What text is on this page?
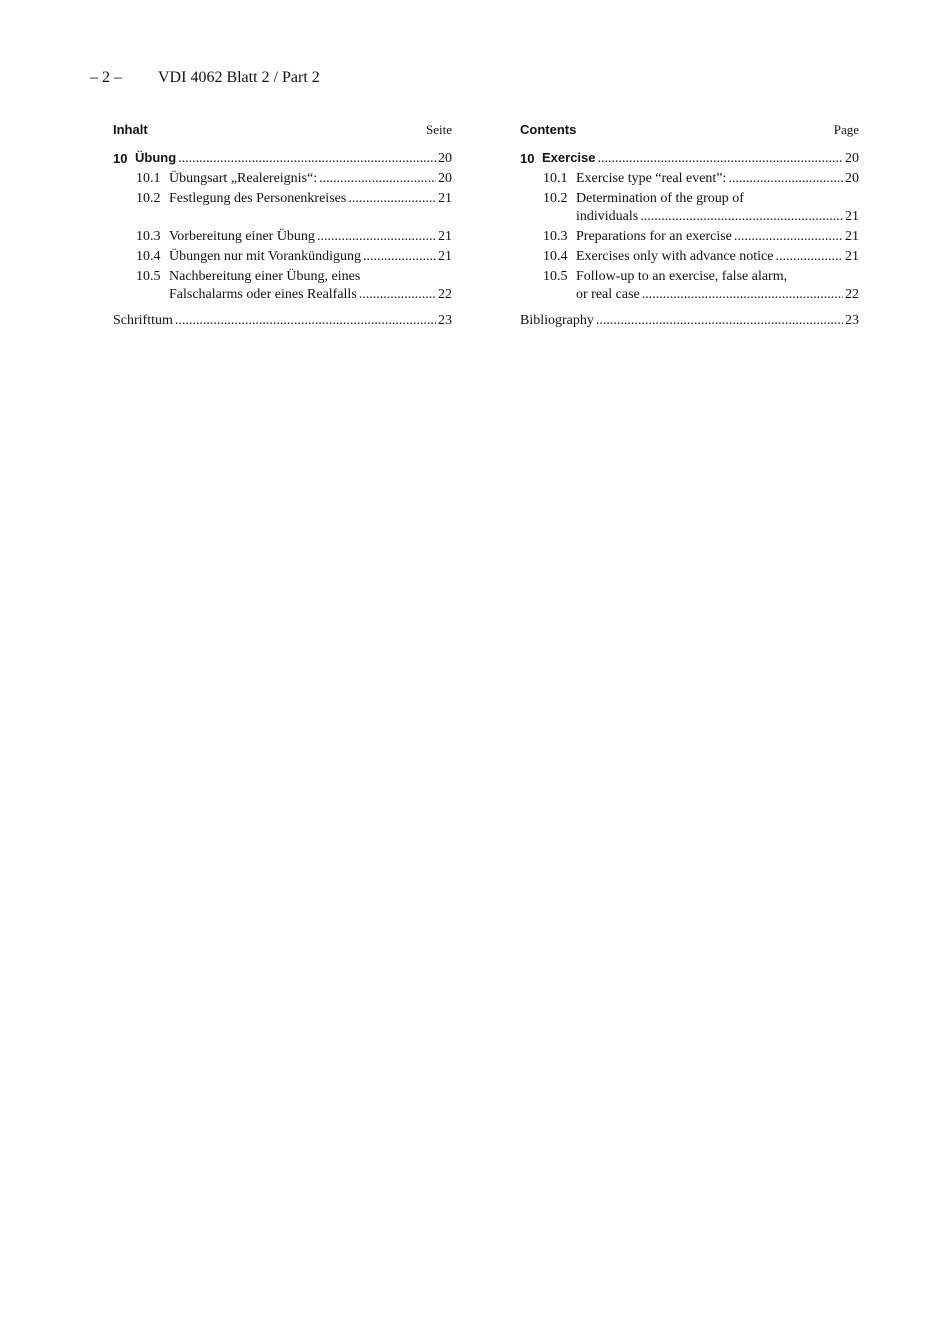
– 2 – VDI 4062 Blatt 2 / Part 2
Inhalt	Seite
10 Übung .....	20
10.1 Übungsart „Realereignis“: .....	20
10.2 Festlegung des Personenkreises .....	21
10.3 Vorbereitung einer Übung .....	21
10.4 Übungen nur mit Vorankündigung .....	21
10.5 Nachbereitung einer Übung, eines
Falschalarms oder eines Realfalls .....	22
Schrifttum .....	23
Contents	Page
10 Exercise .....	20
10.1 Exercise type “real event”: .....	20
10.2 Determination of the group of
individuals .....	21
10.3 Preparations for an exercise .....	21
10.4 Exercises only with advance notice .....	21
10.5 Follow-up to an exercise, false alarm,
or real case .....	22
Bibliography .....	23
